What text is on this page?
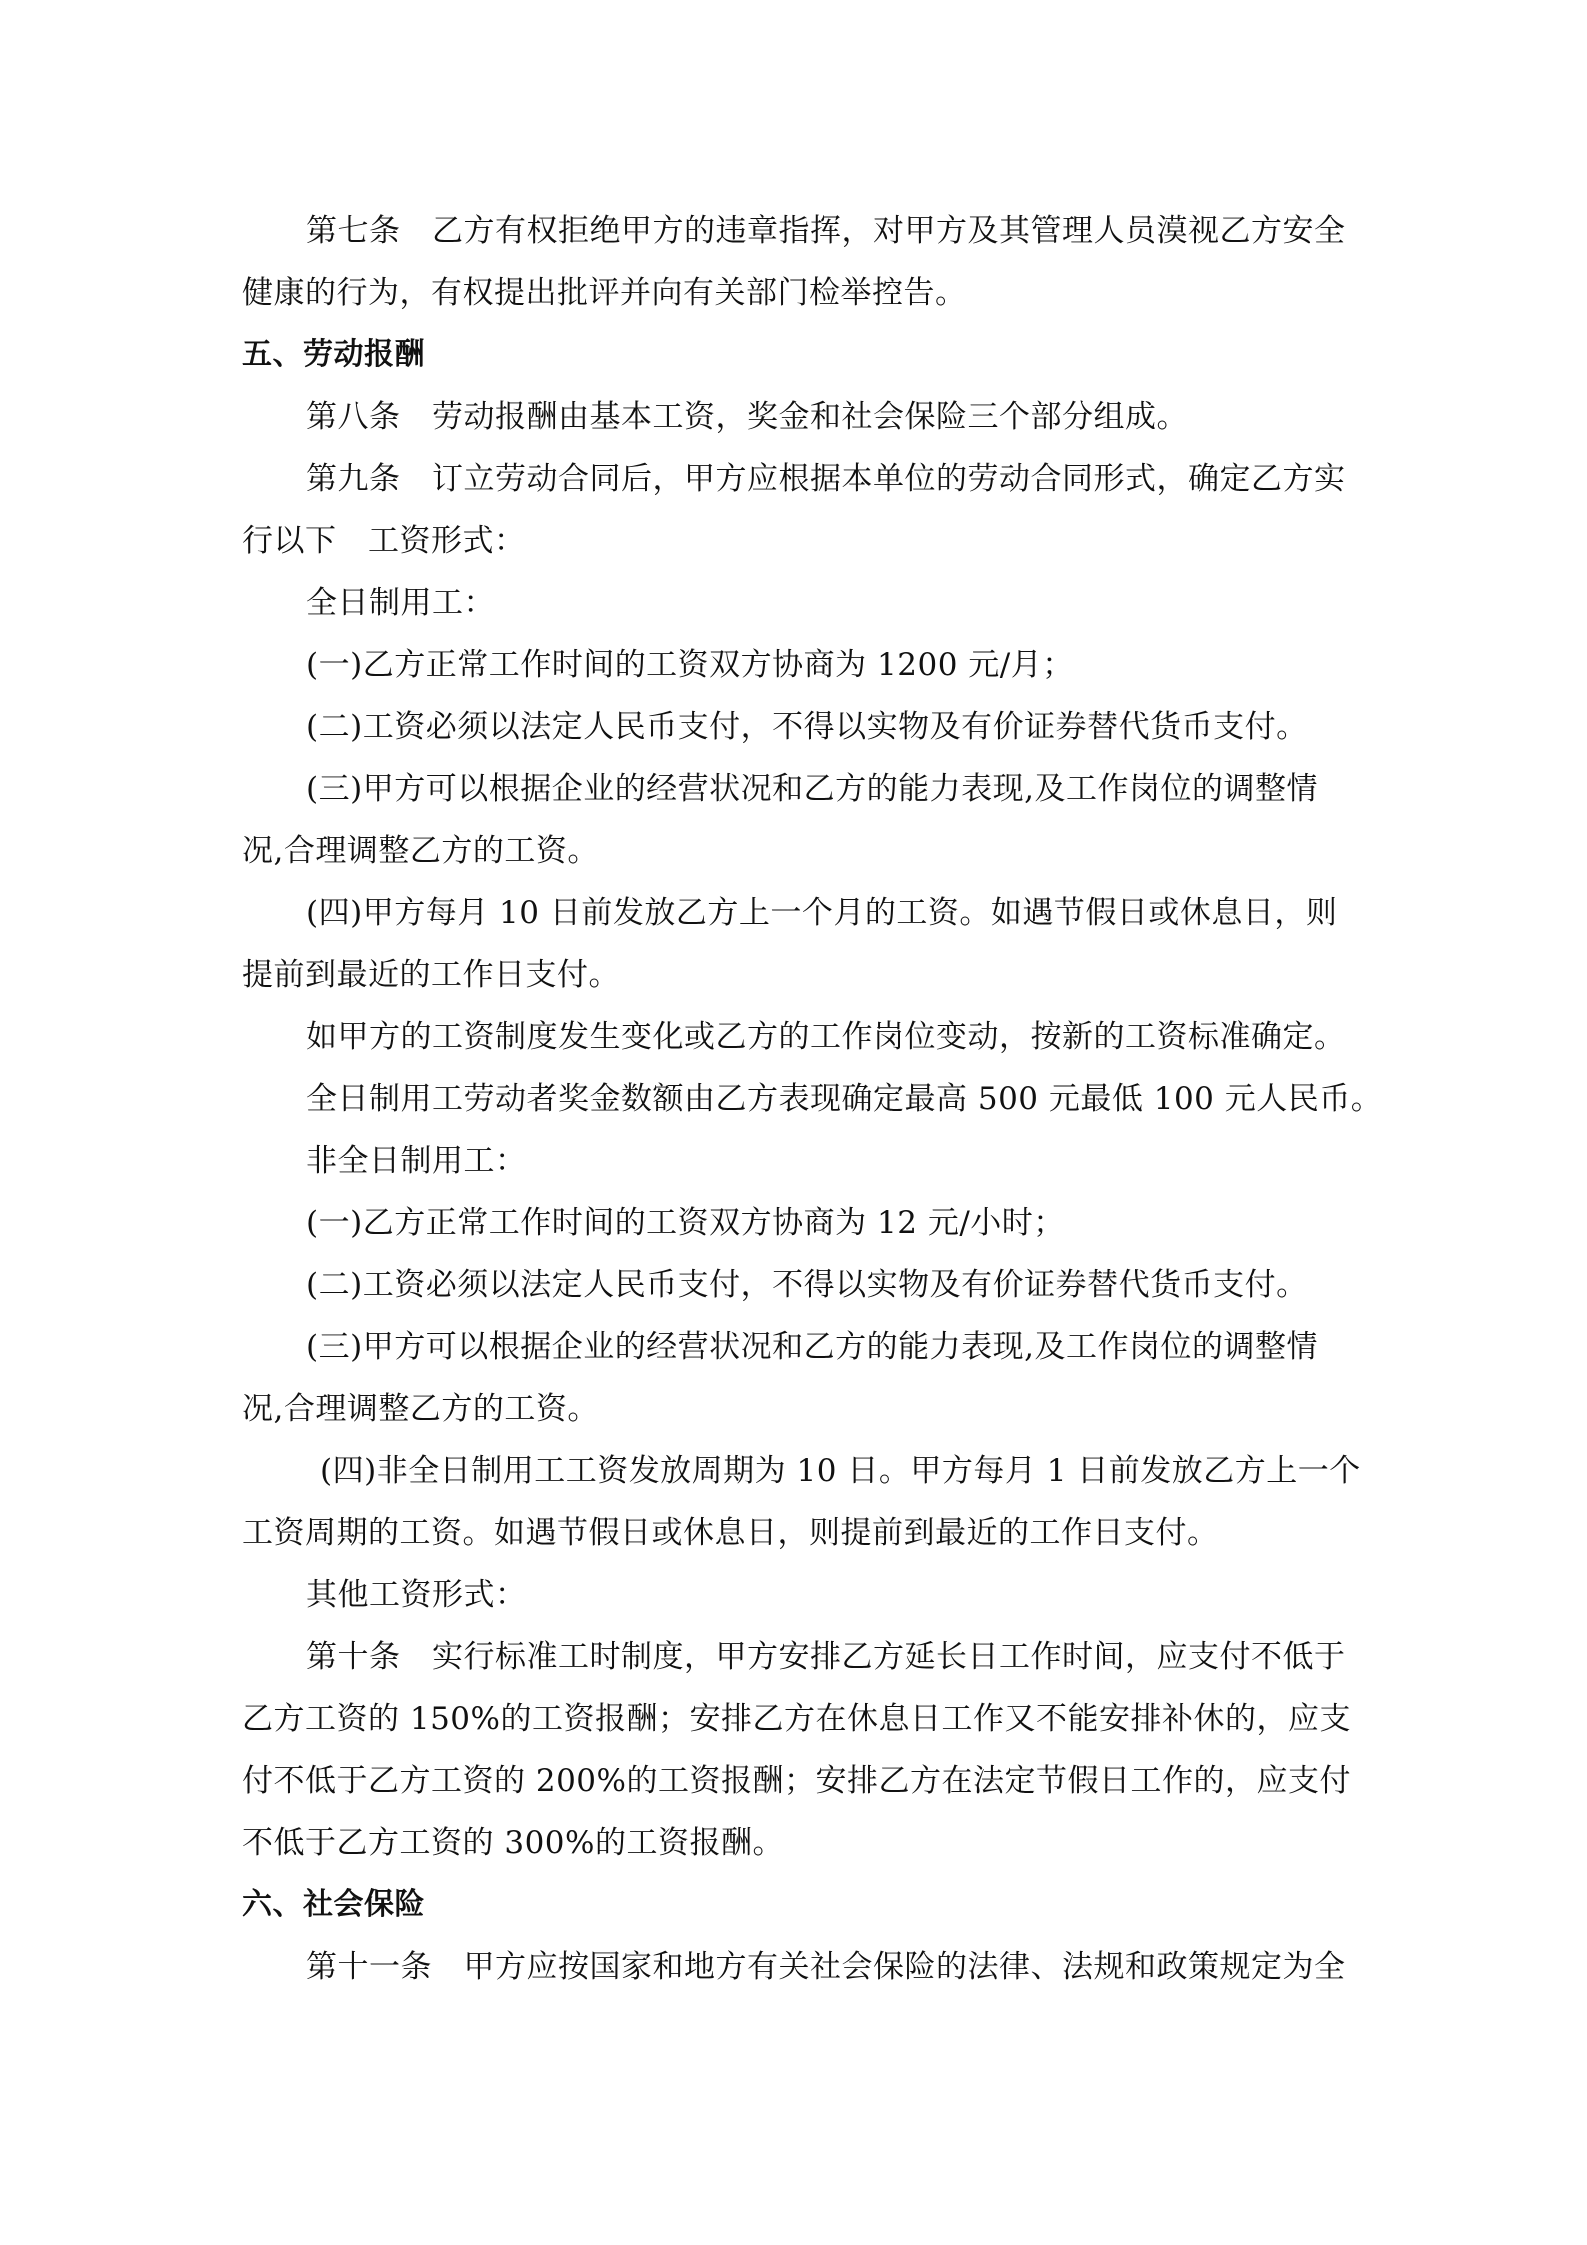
第七条　乙方有权拒绝甲方的违章指挥，对甲方及其管理人员漠视乙方安全
健康的行为，有权提出批评并向有关部门检举控告。
五、劳动报酬
第八条　劳动报酬由基本工资，奖金和社会保险三个部分组成。
第九条　订立劳动合同后，甲方应根据本单位的劳动合同形式，确定乙方实
行以下　工资形式：
全日制用工：
(一)乙方正常工作时间的工资双方协商为 1200 元/月；
(二)工资必须以法定人民币支付，不得以实物及有价证券替代货币支付。
(三)甲方可以根据企业的经营状况和乙方的能力表现,及工作岗位的调整情
况,合理调整乙方的工资。
(四)甲方每月 10 日前发放乙方上一个月的工资。如遇节假日或休息日，则
提前到最近的工作日支付。
如甲方的工资制度发生变化或乙方的工作岗位变动，按新的工资标准确定。
全日制用工劳动者奖金数额由乙方表现确定最高 500 元最低 100 元人民币。
非全日制用工：
(一)乙方正常工作时间的工资双方协商为 12 元/小时；
(二)工资必须以法定人民币支付，不得以实物及有价证券替代货币支付。
(三)甲方可以根据企业的经营状况和乙方的能力表现,及工作岗位的调整情
况,合理调整乙方的工资。
(四)非全日制用工工资发放周期为 10 日。甲方每月 1 日前发放乙方上一个
工资周期的工资。如遇节假日或休息日，则提前到最近的工作日支付。
其他工资形式：
第十条　实行标准工时制度，甲方安排乙方延长日工作时间，应支付不低于
乙方工资的 150%的工资报酬；安排乙方在休息日工作又不能安排补休的，应支
付不低于乙方工资的 200%的工资报酬；安排乙方在法定节假日工作的，应支付
不低于乙方工资的 300%的工资报酬。
六、社会保险
第十一条　甲方应按国家和地方有关社会保险的法律、法规和政策规定为全
